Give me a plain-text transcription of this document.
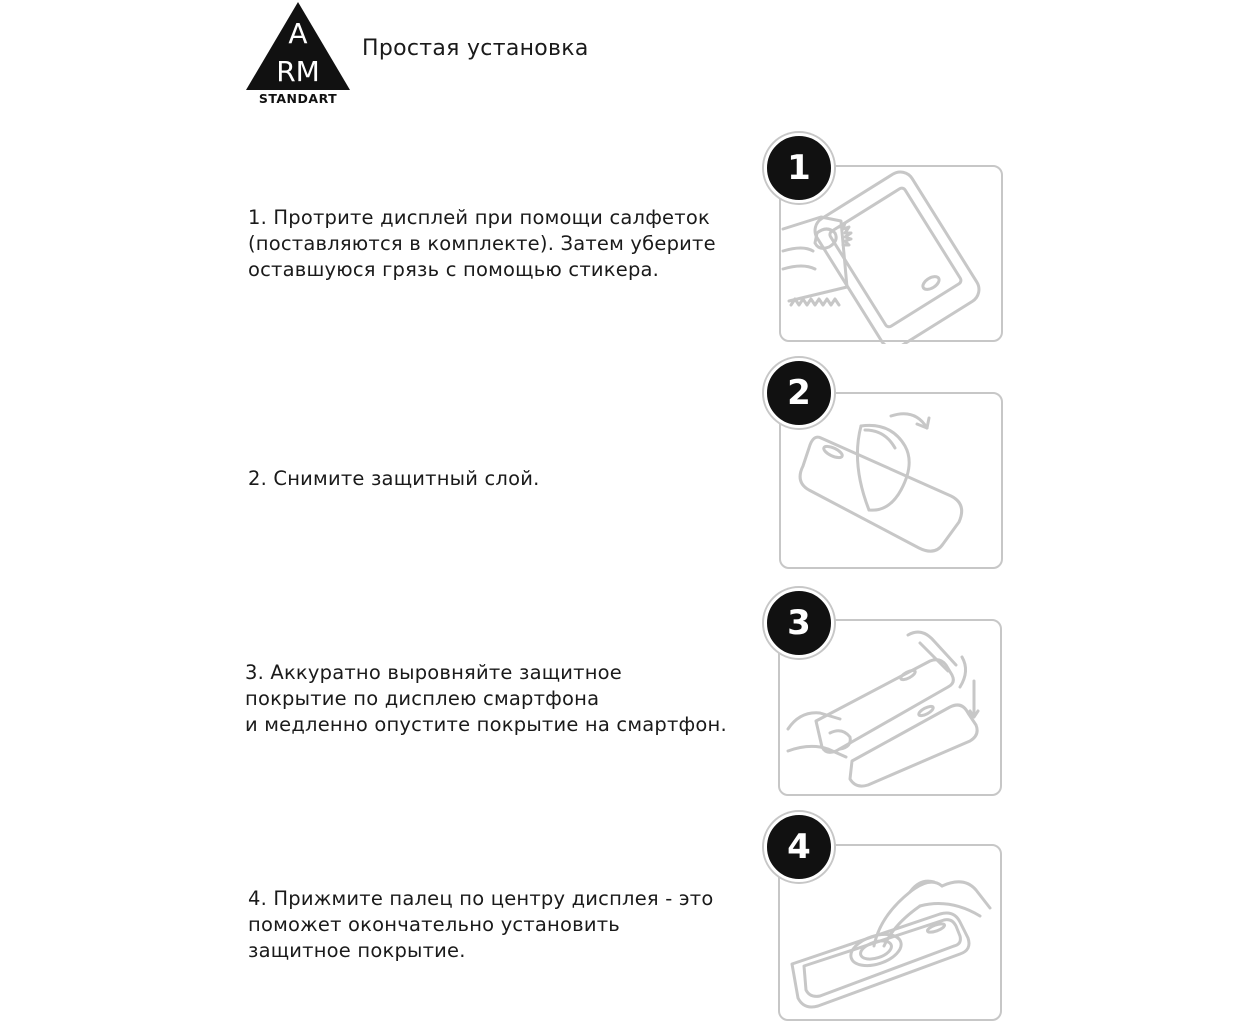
A
RM
STANDART
Простая установка
1. Протрите дисплей при помощи салфеток
(поставляются в комплекте). Затем уберите
оставшуюся грязь с помощью стикера.
2. Снимите защитный слой.
3. Аккуратно выровняйте защитное
покрытие по дисплею смартфона
и медленно опустите покрытие на смартфон.
4. Прижмите палец по центру дисплея - это
поможет окончательно установить
защитное покрытие.
1
2
3
4
